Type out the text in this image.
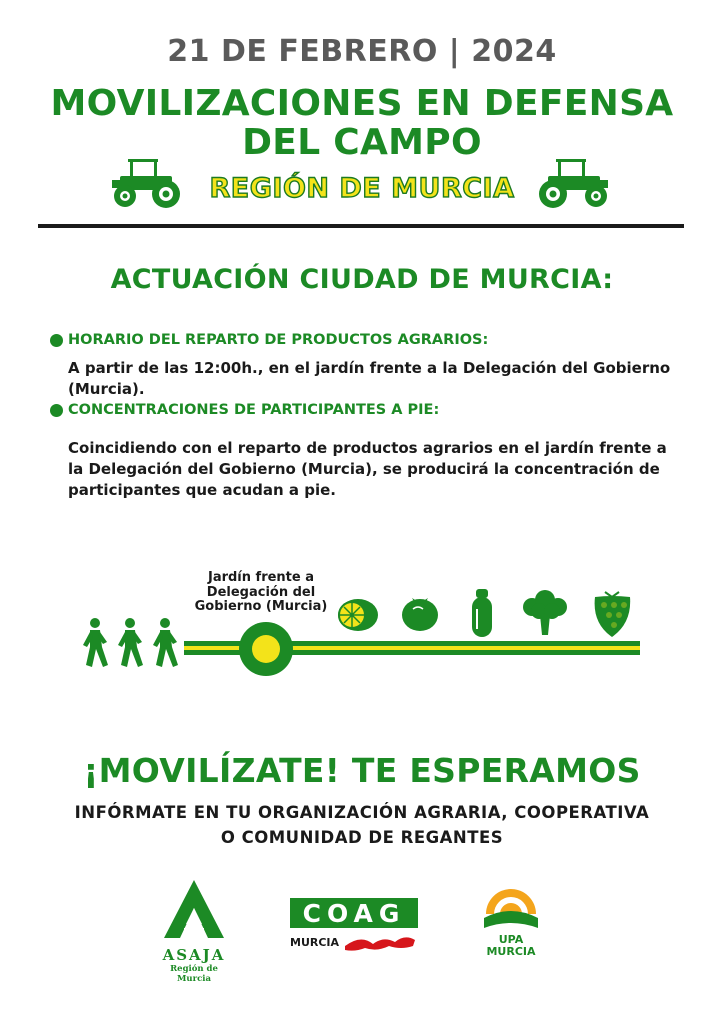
21 DE FEBRERO | 2024
MOVILIZACIONES EN DEFENSA
DEL CAMPO
REGIÓN DE MURCIA
ACTUACIÓN CIUDAD DE MURCIA:
HORARIO DEL REPARTO DE PRODUCTOS AGRARIOS:
A partir de las 12:00h., en el jardín frente a la Delegación del Gobierno (Murcia).
CONCENTRACIONES DE PARTICIPANTES A PIE:
Coincidiendo con el reparto de productos agrarios en el jardín frente a
la Delegación del Gobierno (Murcia), se producirá la concentración de
participantes que acudan a pie.
Jardín frente a
Delegación del
Gobierno (Murcia)
¡MOVILÍZATE! TE ESPERAMOS
INFÓRMATE EN TU ORGANIZACIÓN AGRARIA, COOPERATIVA
O COMUNIDAD DE REGANTES
ASAJA
Región de Murcia
COAG
MURCIA	UPA
MURCIA
